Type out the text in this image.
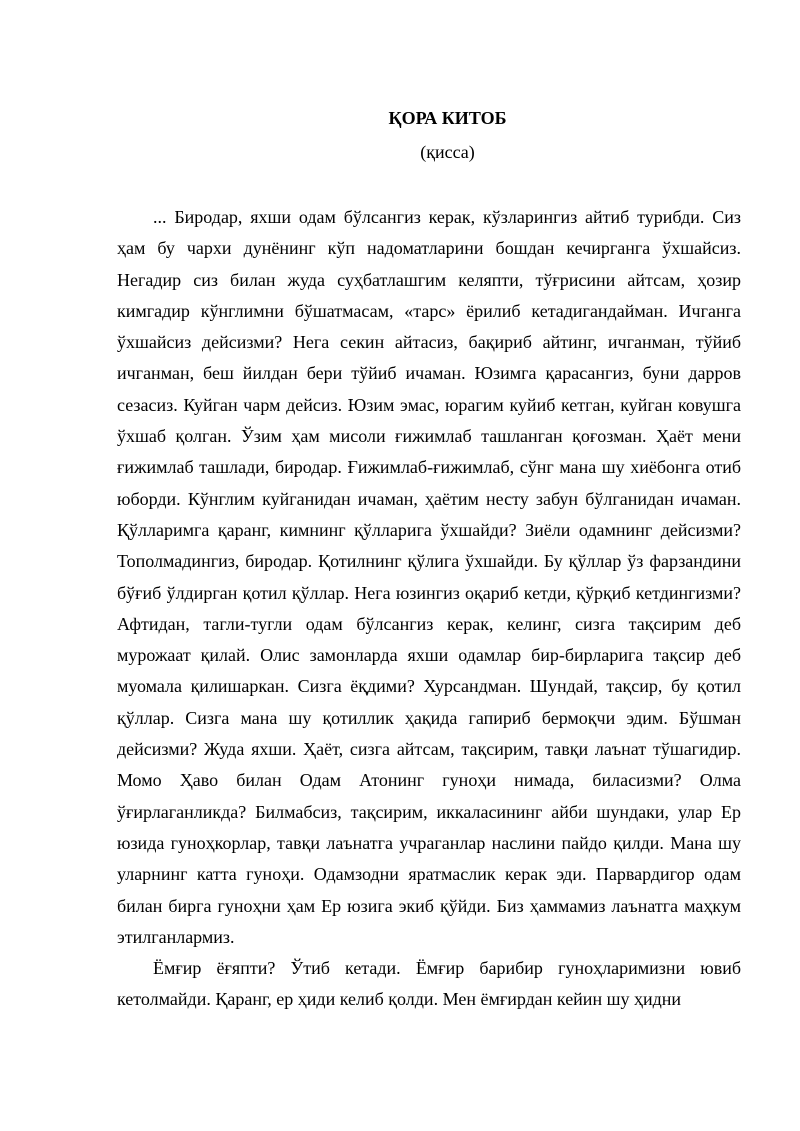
ҚОРА КИТОБ
(қисса)

... Биродар, яхши одам бўлсангиз керак, кўзларингиз айтиб турибди. Сиз ҳам бу чархи дунёнинг кўп надоматларини бошдан кечирганга ўхшайсиз. Негадир сиз билан жуда суҳбатлашгим келяпти, тўғрисини айтсам, ҳозир кимгадир кўнглимни бўшатмасам, «тарс» ёрилиб кетадигандайман. Ичганга ўхшайсиз дейсизми? Нега секин айтасиз, бақириб айтинг, ичганман, тўйиб ичганман, беш йилдан бери тўйиб ичаман. Юзимга қарасангиз, буни дарров сезасиз. Куйган чарм дейсиз. Юзим эмас, юрагим куйиб кетган, куйган ковушга ўхшаб қолган. Ўзим ҳам мисоли ғижимлаб ташланган қоғозман. Ҳаёт мени ғижимлаб ташлади, биродар. Ғижимлаб-ғижимлаб, сўнг мана шу хиёбонга отиб юборди. Кўнглим куйганидан ичаман, ҳаётим несту забун бўлганидан ичаман. Қўлларимга қаранг, кимнинг қўлларига ўхшайди? Зиёли одамнинг дейсизми? Тополмадингиз, биродар. Қотилнинг қўлига ўхшайди. Бу қўллар ўз фарзандини бўғиб ўлдирган қотил қўллар. Нега юзингиз оқариб кетди, қўрқиб кетдингизми? Афтидан, тагли-тугли одам бўлсангиз керак, келинг, сизга тақсирим деб мурожаат қилай. Олис замонларда яхши одамлар бир-бирларига тақсир деб муомала қилишаркан. Сизга ёқдими? Хурсандман. Шундай, тақсир, бу қотил қўллар. Сизга мана шу қотиллик ҳақида гапириб бермоқчи эдим. Бўшман дейсизми? Жуда яхши. Ҳаёт, сизга айтсам, тақсирим, тавқи лаънат тўшагидир. Момо Ҳаво билан Одам Атонинг гуноҳи нимада, биласизми? Олма ўғирлаганликда? Билмабсиз, тақсирим, иккаласининг айби шундаки, улар Ер юзида гуноҳкорлар, тавқи лаънатга учраганлар наслини пайдо қилди. Мана шу уларнинг катта гуноҳи. Одамзодни яратмаслик керак эди. Парвардигор одам билан бирга гуноҳни ҳам Ер юзига экиб қўйди. Биз ҳаммамиз лаънатга маҳкум этилганлармиз.

Ёмғир ёғяпти? Ўтиб кетади. Ёмғир барибир гуноҳларимизни ювиб кетолмайди. Қаранг, ер ҳиди келиб қолди. Мен ёмғирдан кейин шу ҳидни
